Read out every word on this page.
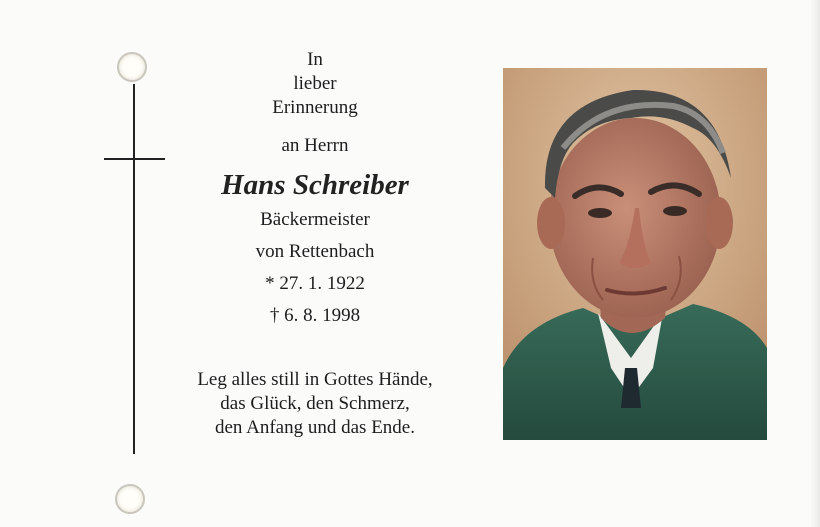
In
lieber
Erinnerung
an Herrn
Hans Schreiber
Bäckermeister
von Rettenbach
* 27. 1. 1922
† 6. 8. 1998
Leg alles still in Gottes Hände,
das Glück, den Schmerz,
den Anfang und das Ende.
